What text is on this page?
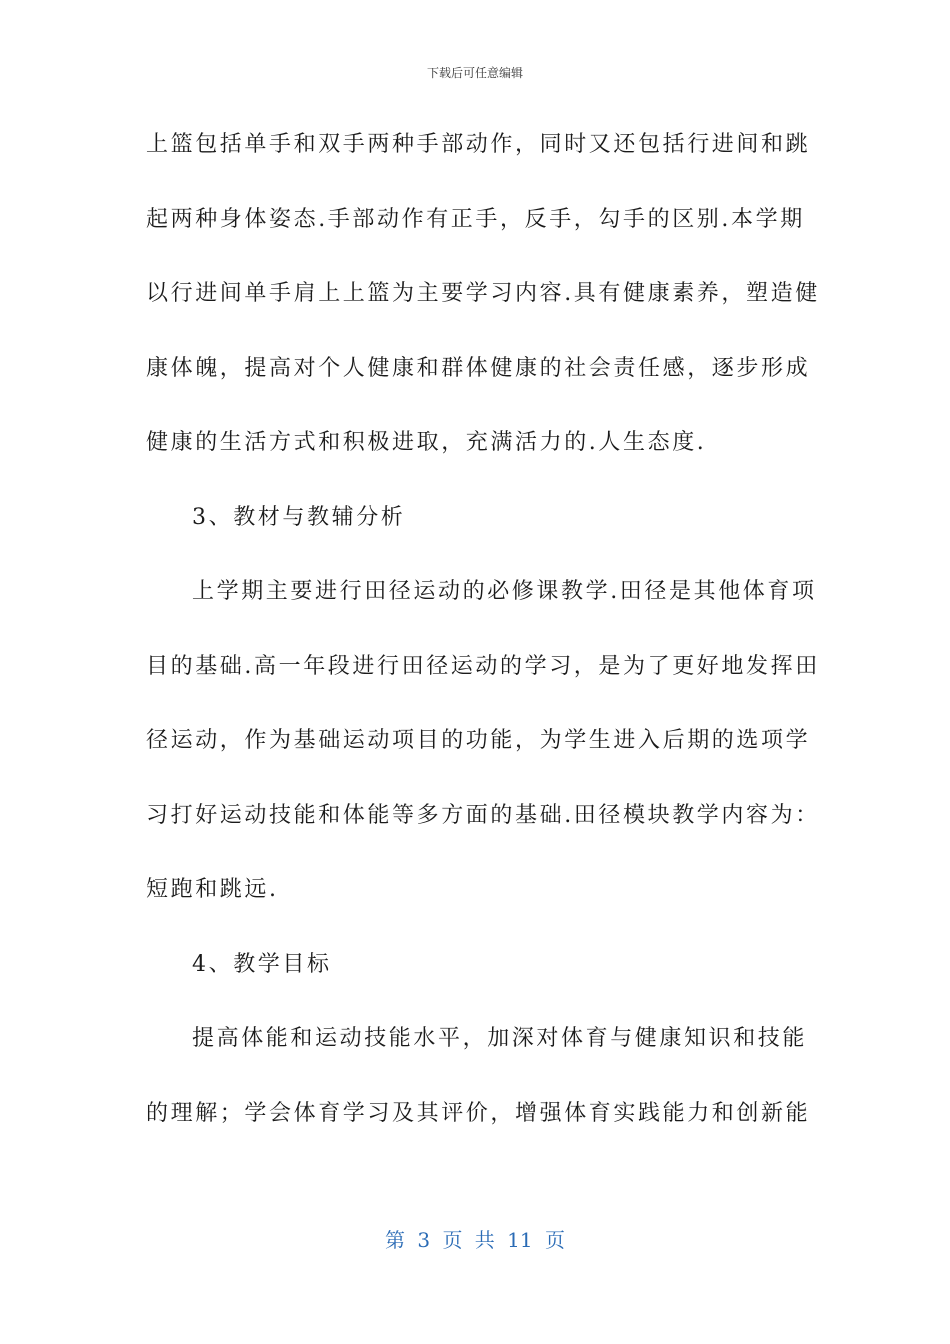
下载后可任意编辑
上篮包括单手和双手两种手部动作，同时又还包括行进间和跳
起两种身体姿态.手部动作有正手，反手，勾手的区别.本学期
以行进间单手肩上上篮为主要学习内容.具有健康素养，塑造健
康体魄，提高对个人健康和群体健康的社会责任感，逐步形成
健康的生活方式和积极进取，充满活力的.人生态度.
3、教材与教辅分析
上学期主要进行田径运动的必修课教学.田径是其他体育项
目的基础.高一年段进行田径运动的学习，是为了更好地发挥田
径运动，作为基础运动项目的功能，为学生进入后期的选项学
习打好运动技能和体能等多方面的基础.田径模块教学内容为：
短跑和跳远.
4、教学目标
提高体能和运动技能水平，加深对体育与健康知识和技能
的理解；学会体育学习及其评价，增强体育实践能力和创新能
第 3 页 共 11 页
